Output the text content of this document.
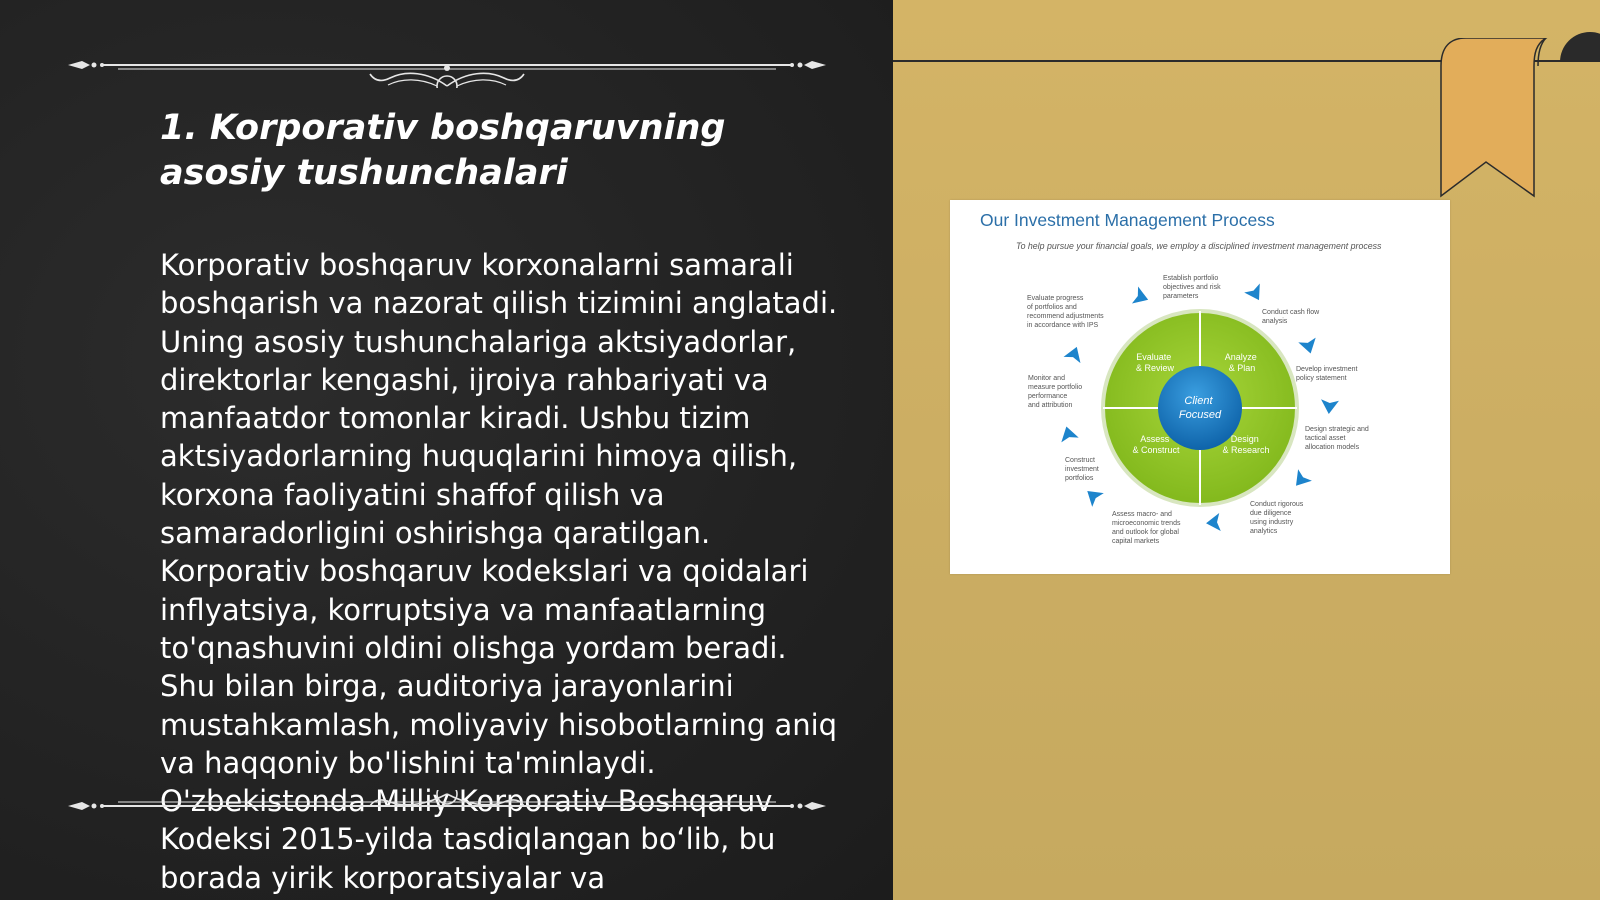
1. Korporativ boshqaruvning asosiy tushunchalari

Korporativ boshqaruv korxonalarni samarali boshqarish va nazorat qilish tizimini anglatadi. Uning asosiy tushunchalariga aktsiyadorlar, direktorlar kengashi, ijroiya rahbariyati va manfaatdor tomonlar kiradi. Ushbu tizim aktsiyadorlarning huquqlarini himoya qilish, korxona faoliyatini shaffof qilish va samaradorligini oshirishga qaratilgan. Korporativ boshqaruv kodekslari va qoidalari inflyatsiya, korruptsiya va manfaatlarning to'qnashuvini oldini olishga yordam beradi. Shu bilan birga, auditoriya jarayonlarini mustahkamlash, moliyaviy hisobotlarning aniq va haqqoniy bo'lishini ta'minlaydi. O'zbekistonda Milliy Korporativ Boshqaruv Kodeksi 2015-yilda tasdiqlangan bo‘lib, bu borada yirik korporatsiyalar va

Our Investment Management Process
To help pursue your financial goals, we employ a disciplined investment management process
Evaluate & Review
Analyze & Plan
Assess & Construct
Design & Research
Client Focused
Establish portfolio objectives and risk parameters
Conduct cash flow analysis
Develop investment policy statement
Design strategic and tactical asset allocation models
Conduct rigorous due diligence using industry analytics
Assess macro- and microeconomic trends and outlook for global capital markets
Construct investment portfolios
Monitor and measure portfolio performance and attribution
Evaluate progress of portfolios and recommend adjustments in accordance with IPS
